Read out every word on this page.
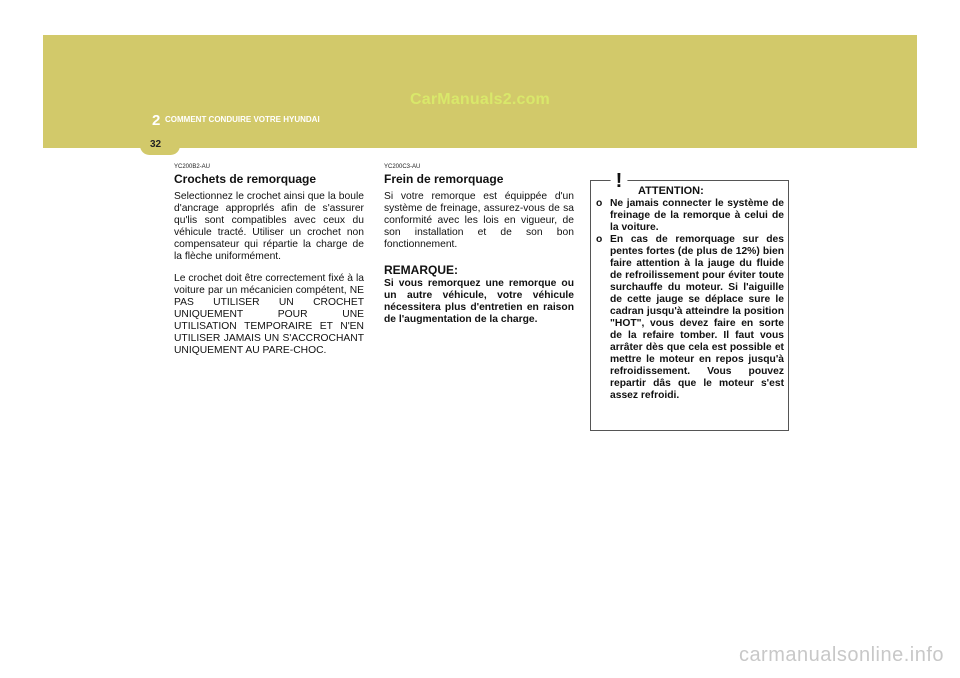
CarManuals2.com
2 COMMENT CONDUIRE VOTRE HYUNDAI
32
YC200B2-AU
Crochets de remorquage

Selectionnez le crochet ainsi que la boule d'ancrage approprlés afin de s'assurer qu'lis sont compatibles avec ceux du véhicule tracté. Utiliser un crochet non compensateur qui répartie la charge de la flèche uniformément.

Le crochet doit être correctement fixé à la voiture par un mécanicien compétent, NE PAS UTILISER UN CROCHET UNIQUEMENT POUR UNE UTILISATION TEMPORAIRE ET N'EN UTILISER JAMAIS UN S'ACCROCHANT UNIQUEMENT AU PARE-CHOC.

YC200C3-AU
Frein de remorquage

Si votre remorque est équippée d'un système de freinage, assurez-vous de sa conformité avec les lois en vigueur, de son installation et de son bon fonctionnement.

REMARQUE:

Si vous remorquez une remorque ou un autre véhicule, votre véhicule nécessitera plus d'entretien en raison de l'augmentation de la charge.

! ATTENTION:
o Ne jamais connecter le système de freinage de la remorque à celui de la voiture.
o En cas de remorquage sur des pentes fortes (de plus de 12%) bien faire attention à la jauge du fluide de refroilissement pour éviter toute surchauffe du moteur. Si l'aiguille de cette jauge se déplace sure le cadran jusqu'à atteindre la position "HOT", vous devez faire en sorte de la refaire tomber. Il faut vous arrâter dès que cela est possible et mettre le moteur en repos jusqu'à refroidissement. Vous pouvez repartir dâs que le moteur s'est assez refroidi.
carmanualsonline.info
